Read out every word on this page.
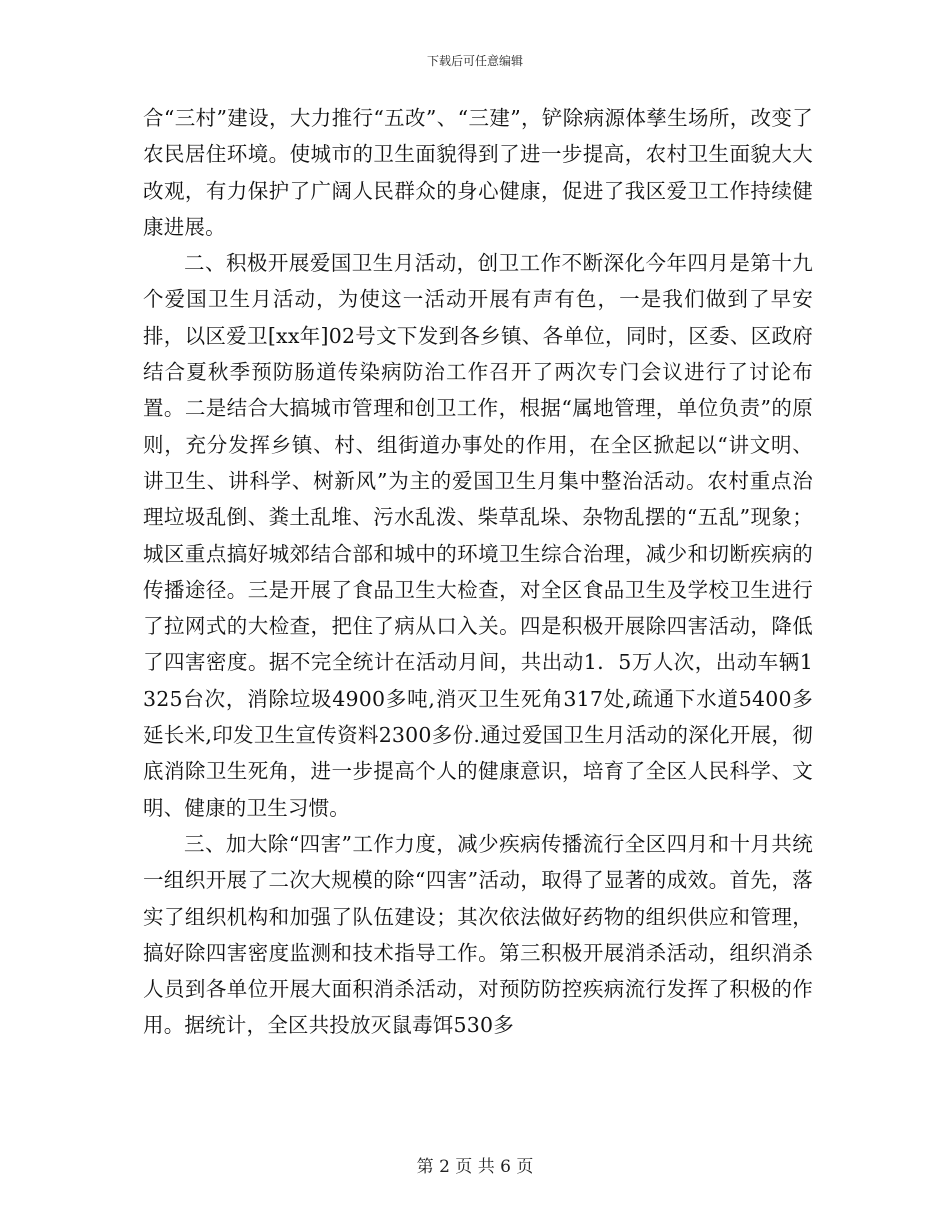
下载后可任意编辑

合“三村”建设，大力推行“五改”、“三建”，铲除病源体孳生场所，改变了农民居住环境。使城市的卫生面貌得到了进一步提高，农村卫生面貌大大改观，有力保护了广阔人民群众的身心健康，促进了我区爱卫工作持续健康进展。

二、积极开展爱国卫生月活动，创卫工作不断深化今年四月是第十九个爱国卫生月活动，为使这一活动开展有声有色，一是我们做到了早安排，以区爱卫[xx年]02号文下发到各乡镇、各单位，同时，区委、区政府结合夏秋季预防肠道传染病防治工作召开了两次专门会议进行了讨论布置。二是结合大搞城市管理和创卫工作，根据“属地管理，单位负责”的原则，充分发挥乡镇、村、组街道办事处的作用，在全区掀起以“讲文明、讲卫生、讲科学、树新风”为主的爱国卫生月集中整治活动。农村重点治理垃圾乱倒、粪土乱堆、污水乱泼、柴草乱垛、杂物乱摆的“五乱”现象；城区重点搞好城郊结合部和城中的环境卫生综合治理，减少和切断疾病的传播途径。三是开展了食品卫生大检查，对全区食品卫生及学校卫生进行了拉网式的大检查，把住了病从口入关。四是积极开展除四害活动，降低了四害密度。据不完全统计在活动月间，共出动1．5万人次，出动车辆1325台次，消除垃圾4900多吨,消灭卫生死角317处,疏通下水道5400多延长米,印发卫生宣传资料2300多份.通过爱国卫生月活动的深化开展，彻底消除卫生死角，进一步提高个人的健康意识，培育了全区人民科学、文明、健康的卫生习惯。

三、加大除“四害”工作力度，减少疾病传播流行全区四月和十月共统一组织开展了二次大规模的除“四害”活动，取得了显著的成效。首先，落实了组织机构和加强了队伍建设；其次依法做好药物的组织供应和管理，搞好除四害密度监测和技术指导工作。第三积极开展消杀活动，组织消杀人员到各单位开展大面积消杀活动，对预防防控疾病流行发挥了积极的作用。据统计，全区共投放灭鼠毒饵530多

第 2 页 共 6 页
